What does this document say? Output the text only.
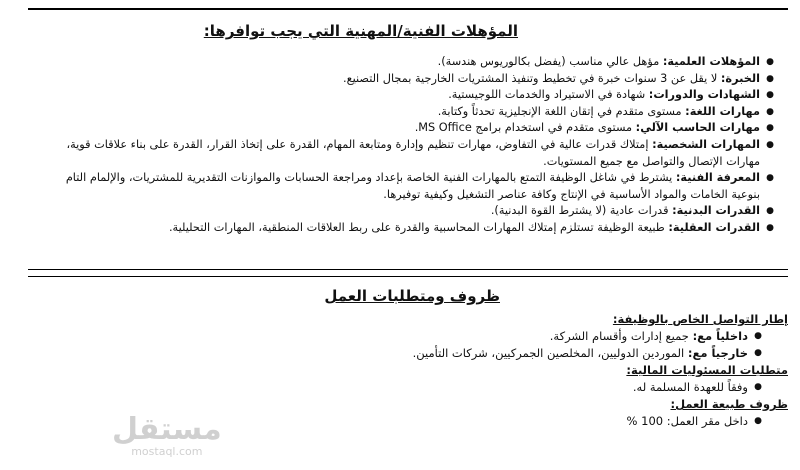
المؤهلات الفنية/المهنية التي يجب توافرها:
● المؤهلات العلمية: مؤهل عالي مناسب (يفضل بكالوريوس هندسة).
● الخبرة: لا يقل عن 3 سنوات خبرة في تخطيط وتنفيذ المشتريات الخارجية بمجال التصنيع.
● الشهادات والدورات: شهادة في الاستيراد والخدمات اللوجيستية.
● مهارات اللغة: مستوى متقدم في إتقان اللغة الإنجليزية تحدثاً وكتابة.
● مهارات الحاسب الآلي: مستوى متقدم في استخدام برامج MS Office.
● المهارات الشخصية: إمتلاك قدرات عالية في التفاوض، مهارات تنظيم وإدارة ومتابعة المهام، القدرة على إتخاذ القرار، القدرة على بناء علاقات قوية، مهارات الإتصال والتواصل مع جميع المستويات.
● المعرفة الفنية: يشترط في شاغل الوظيفة التمتع بالمهارات الفنية الخاصة بإعداد ومراجعة الحسابات والموازنات التقديرية للمشتريات، والإلمام التام بنوعية الخامات والمواد الأساسية في الإنتاج وكافة عناصر التشغيل وكيفية توفيرها.
● القدرات البدنية: قدرات عادية (لا يشترط القوة البدنية).
● القدرات العقلية: طبيعة الوظيفة تستلزم إمتلاك المهارات المحاسبية والقدرة على ربط العلاقات المنطقية، المهارات التحليلية.
ظروف ومتطلبات العمل
إطار التواصل الخاص بالوظيفة:
● داخلياً مع: جميع إدارات وأقسام الشركة.
● خارجياً مع: الموردين الدوليين، المخلصين الجمركيين، شركات التأمين.
متطلبات المسئوليات المالية:
● وفقاً للعهدة المسلمة له.
ظروف طبيعة العمل:
● داخل مقر العمل: 100 %
مستقل
mostaql.com
